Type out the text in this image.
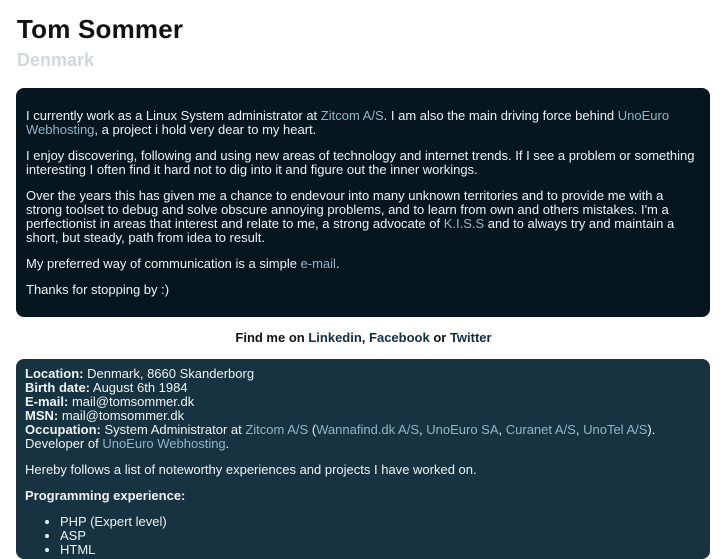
Tom Sommer
Denmark

I currently work as a Linux System administrator at Zitcom A/S. I am also the main driving force behind UnoEuro Webhosting, a project i hold very dear to my heart.

I enjoy discovering, following and using new areas of technology and internet trends. If I see a problem or something interesting I often find it hard not to dig into it and figure out the inner workings.

Over the years this has given me a chance to endevour into many unknown territories and to provide me with a strong toolset to debug and solve obscure annoying problems, and to learn from own and others mistakes. I'm a perfectionist in areas that interest and relate to me, a strong advocate of K.I.S.S and to always try and maintain a short, but steady, path from idea to result.

My preferred way of communication is a simple e-mail.

Thanks for stopping by :)

Find me on Linkedin, Facebook or Twitter
Location: Denmark, 8660 Skanderborg
Birth date: August 6th 1984
E-mail: mail@tomsommer.dk
MSN: mail@tomsommer.dk
Occupation: System Administrator at Zitcom A/S (Wannafind.dk A/S, UnoEuro SA, Curanet A/S, UnoTel A/S).
Developer of UnoEuro Webhosting.
Hereby follows a list of noteworthy experiences and projects I have worked on.
Programming experience:
• PHP (Expert level)
• ASP
• HTML
